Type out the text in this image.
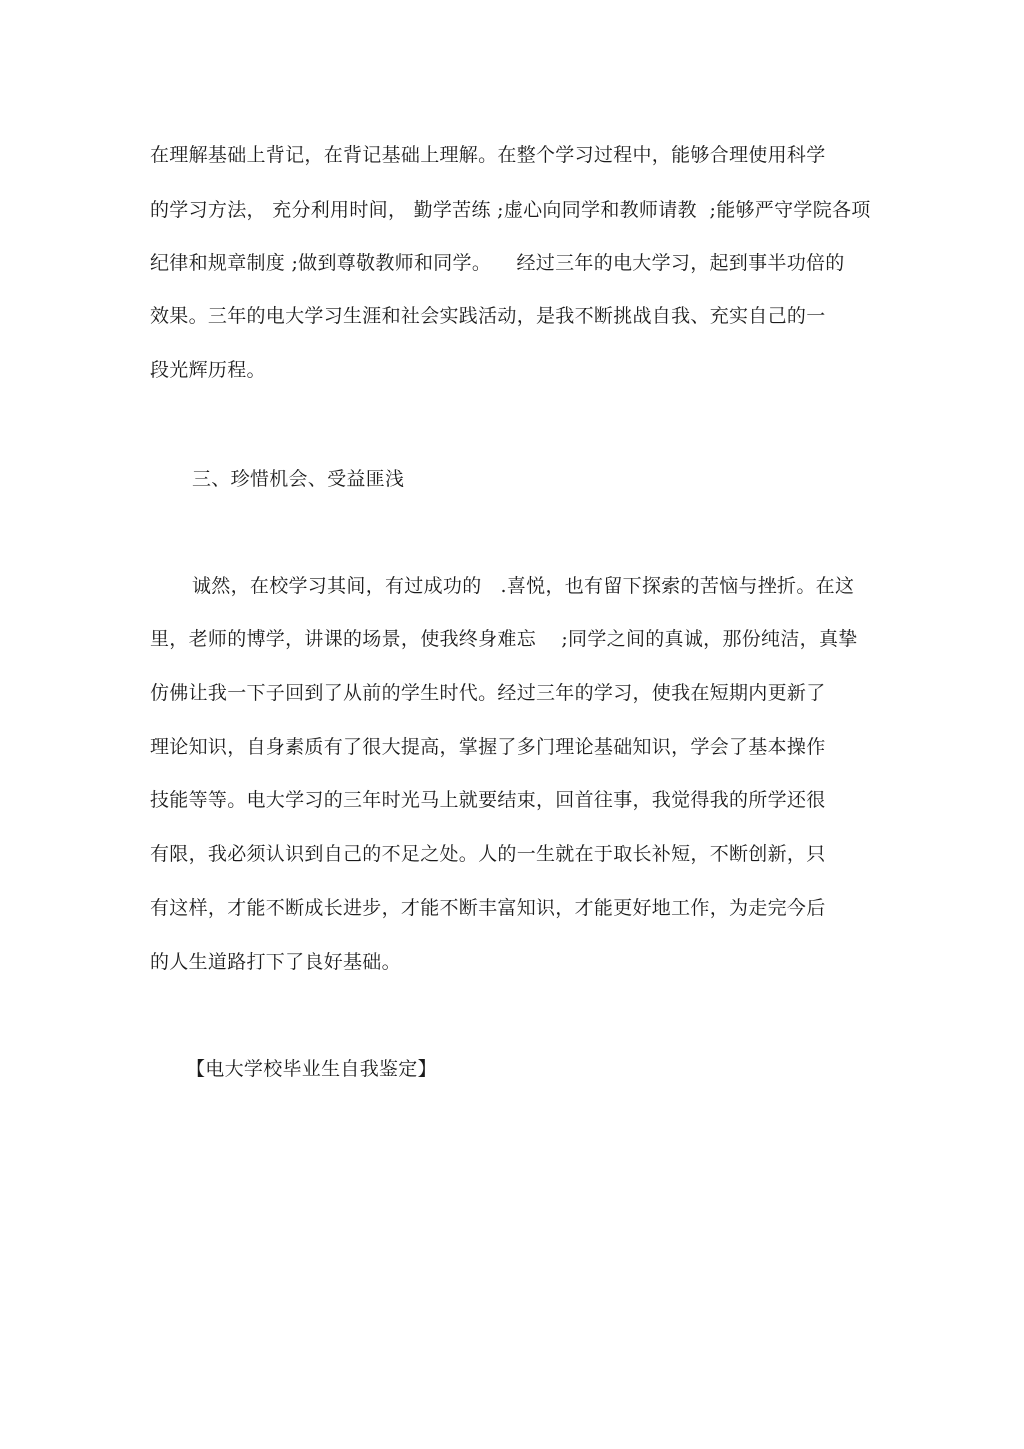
在理解基础上背记，在背记基础上理解。在整个学习过程中，能够合理使用科学
的学习方法， 充分利用时间， 勤学苦练 ;虚心向同学和教师请教  ;能够严守学院各项
纪律和规章制度 ;做到尊敬教师和同学。    经过三年的电大学习，起到事半功倍的
效果。三年的电大学习生涯和社会实践活动，是我不断挑战自我、充实自己的一
段光辉历程。
三、珍惜机会、受益匪浅
诚然，在校学习其间，有过成功的   .喜悦，也有留下探索的苦恼与挫折。在这
里，老师的博学，讲课的场景，使我终身难忘    ;同学之间的真诚，那份纯洁，真挚
仿佛让我一下子回到了从前的学生时代。经过三年的学习，使我在短期内更新了
理论知识，自身素质有了很大提高，掌握了多门理论基础知识，学会了基本操作
技能等等。电大学习的三年时光马上就要结束，回首往事，我觉得我的所学还很
有限，我必须认识到自己的不足之处。人的一生就在于取长补短，不断创新，只
有这样，才能不断成长进步，才能不断丰富知识，才能更好地工作，为走完今后
的人生道路打下了良好基础。
【电大学校毕业生自我鉴定】
